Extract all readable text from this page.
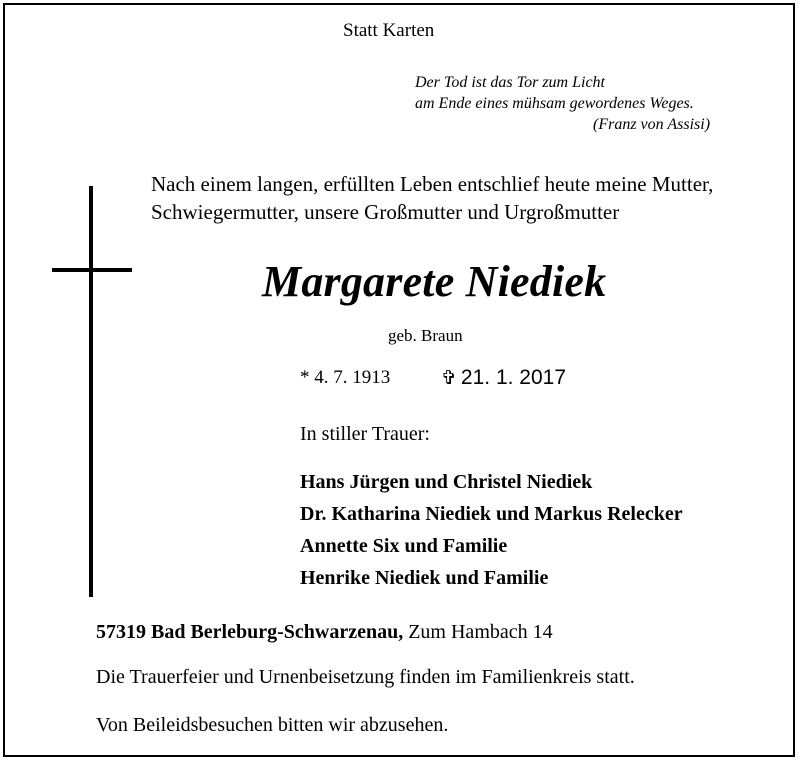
Statt Karten
Der Tod ist das Tor zum Licht
am Ende eines mühsam gewordenes Weges.
(Franz von Assisi)
Nach einem langen, erfüllten Leben entschlief heute meine Mutter,
Schwiegermutter, unsere Großmutter und Urgroßmutter
Margarete Niediek
geb. Braun
* 4. 7. 1913	✞ 21. 1. 2017
In stiller Trauer:
Hans Jürgen und Christel Niediek
Dr. Katharina Niediek und Markus Relecker
Annette Six und Familie
Henrike Niediek und Familie
57319 Bad Berleburg-Schwarzenau, Zum Hambach 14
Die Trauerfeier und Urnenbeisetzung finden im Familienkreis statt.
Von Beileidsbesuchen bitten wir abzusehen.
